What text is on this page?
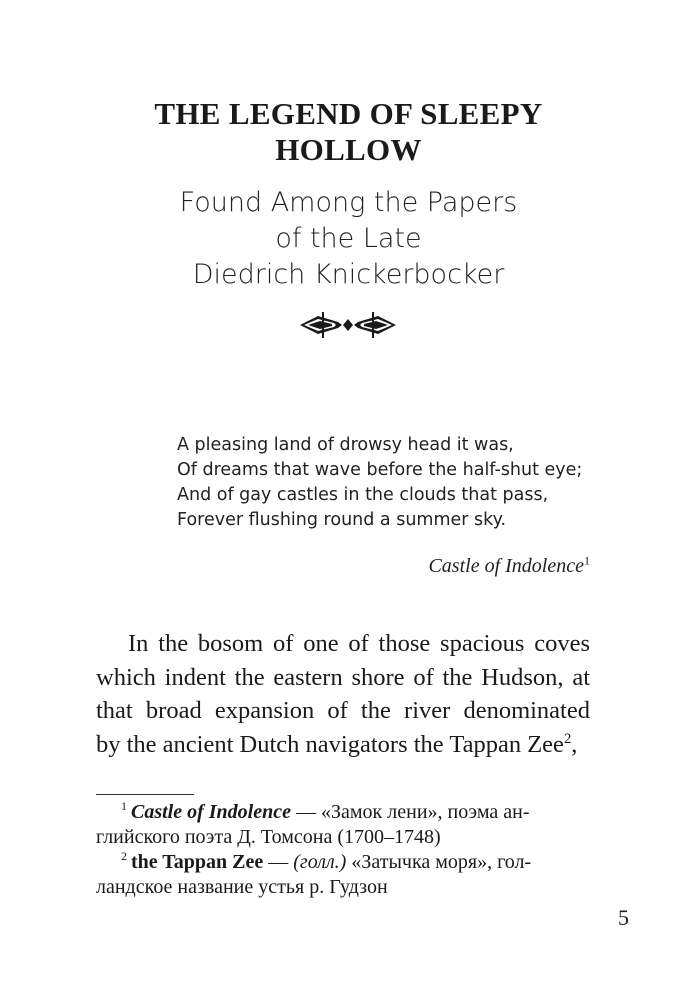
THE LEGEND OF SLEEPY
HOLLOW
Found Among the Papers
of the Late
Diedrich Knickerbocker
A pleasing land of drowsy head it was,
Of dreams that wave before the half-shut eye;
And of gay castles in the clouds that pass,
Forever flushing round a summer sky.
Castle of Indolence$^1$
In the bosom of one of those spacious coves
which indent the eastern shore of the Hudson, at
that broad expansion of the river denominated
by the ancient Dutch navigators the Tappan Zee$^2$,
$^1$ Castle of Indolence — «Замок лени», поэма ан-
глийского поэта Д. Томсона (1700–1748)
$^2$ the Tappan Zee — (голл.) «Затычка моря», гол-
ландское название устья р. Гудзон
5
